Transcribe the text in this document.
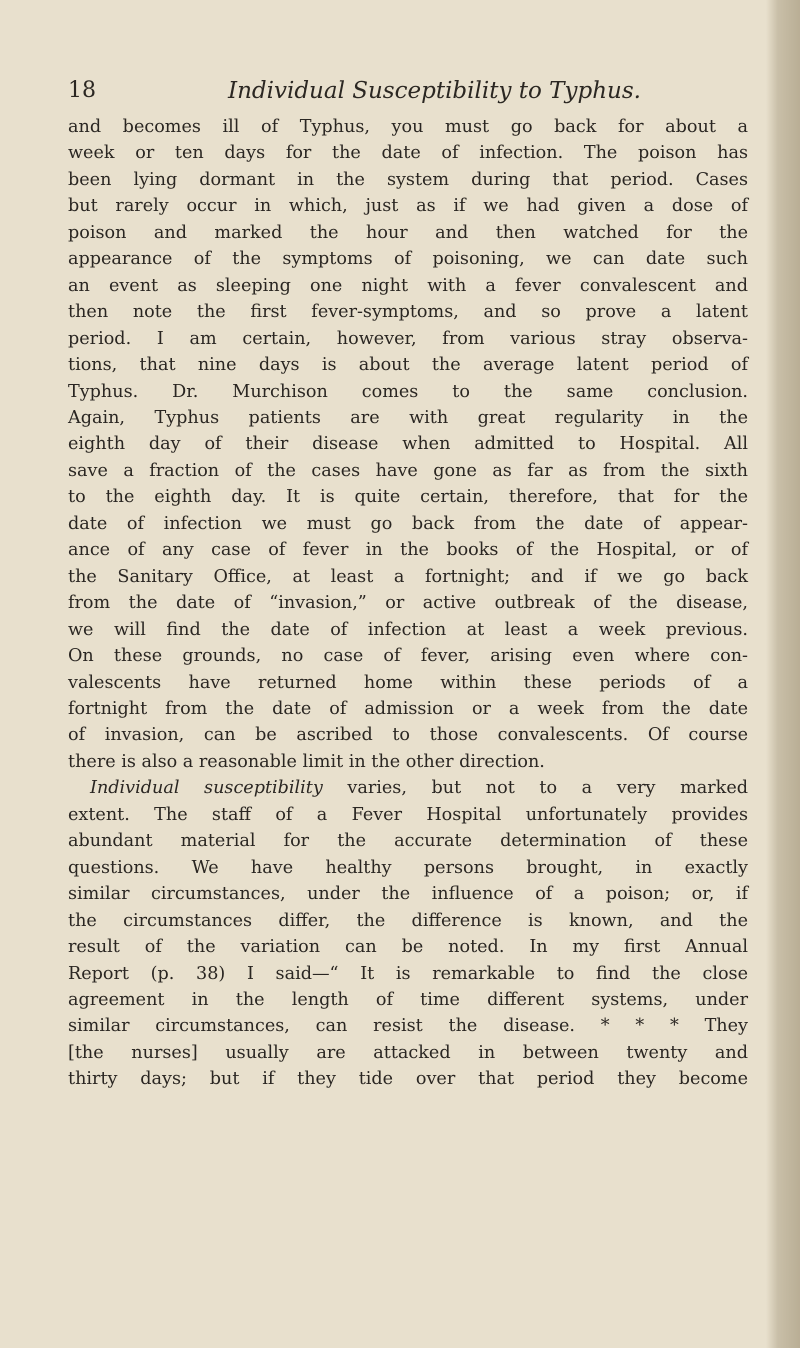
18	Individual Susceptibility to Typhus.
and becomes ill of Typhus, you must go back for about a
week or ten days for the date of infection. The poison has
been lying dormant in the system during that period. Cases
but rarely occur in which, just as if we had given a dose of
poison and marked the hour and then watched for the
appearance of the symptoms of poisoning, we can date such
an event as sleeping one night with a fever convalescent and
then note the first fever-symptoms, and so prove a latent
period. I am certain, however, from various stray observa-
tions, that nine days is about the average latent period of
Typhus. Dr. Murchison comes to the same conclusion.
Again, Typhus patients are with great regularity in the
eighth day of their disease when admitted to Hospital. All
save a fraction of the cases have gone as far as from the sixth
to the eighth day. It is quite certain, therefore, that for the
date of infection we must go back from the date of appear-
ance of any case of fever in the books of the Hospital, or of
the Sanitary Office, at least a fortnight; and if we go back
from the date of “invasion,” or active outbreak of the disease,
we will find the date of infection at least a week previous.
On these grounds, no case of fever, arising even where con-
valescents have returned home within these periods of a
fortnight from the date of admission or a week from the date
of invasion, can be ascribed to those convalescents. Of course
there is also a reasonable limit in the other direction.
Individual susceptibility varies, but not to a very marked
extent. The staff of a Fever Hospital unfortunately provides
abundant material for the accurate determination of these
questions. We have healthy persons brought, in exactly
similar circumstances, under the influence of a poison; or, if
the circumstances differ, the difference is known, and the
result of the variation can be noted. In my first Annual
Report (p. 38) I said—“ It is remarkable to find the close
agreement in the length of time different systems, under
similar circumstances, can resist the disease. * * * They
[the nurses] usually are attacked in between twenty and
thirty days; but if they tide over that period they become
